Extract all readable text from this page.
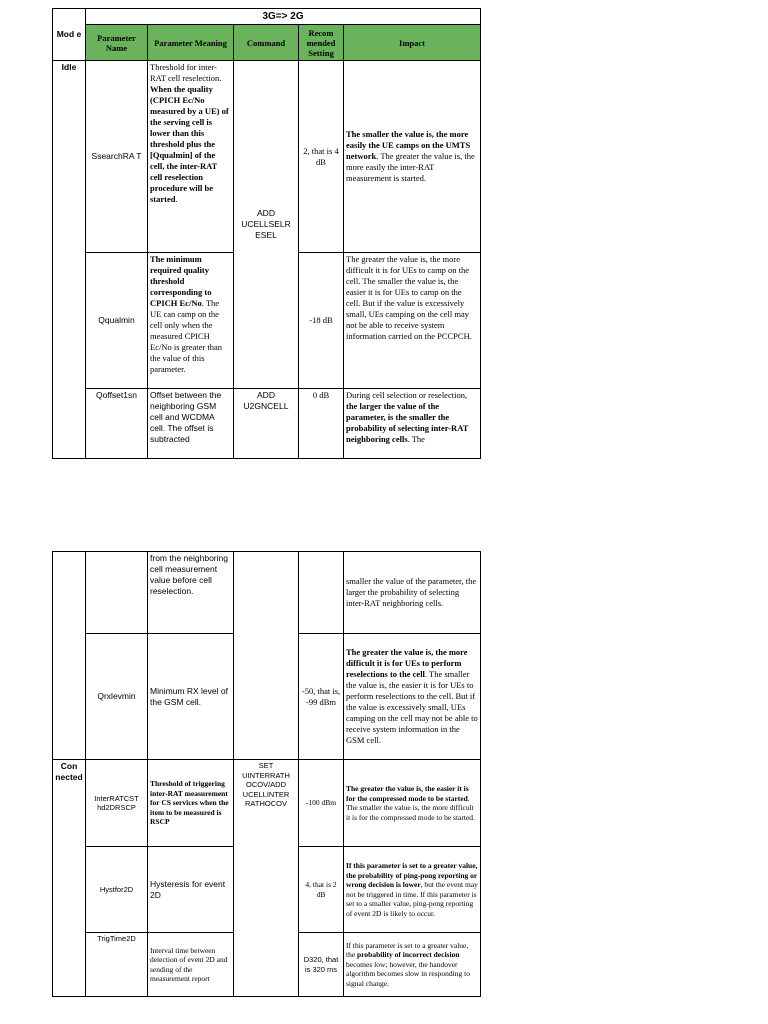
Mod e	3G=> 2G				
	Parameter Name	Parameter Meaning	Command	Recom mended Setting	Impact
Idle	SsearchRA T	Threshold for inter-RAT cell reselection. When the quality (CPICH Ec/No measured by a UE) of the serving cell is lower than this threshold plus the [Qqualmin] of the cell, the inter-RAT cell reselection procedure will be started.	ADD UCELLSELR ESEL	2, that is 4 dB	The smaller the value is, the more easily the UE camps on the UMTS network. The greater the value is, the more easily the inter-RAT measurement is started.
	Qqualmin	The minimum required quality threshold corresponding to CPICH Ec/No. The UE can camp on the cell only when the measured CPICH Ec/No is greater than the value of this parameter.		-18 dB	The greater the value is, the more difficult it is for UEs to camp on the cell. The smaller the value is, the easier it is for UEs to camp on the cell. But if the value is excessively small, UEs camping on the cell may not be able to receive system information carried on the PCCPCH.
	Qoffset1sn	Offset between the neighboring GSM cell and WCDMA cell. The offset is subtracted	ADD U2GNCELL	0 dB	During cell selection or reselection, the larger the value of the parameter, is the smaller the probability of selecting inter-RAT neighboring cells. The
		from the neighboring cell measurement value before cell reselection.			smaller the value of the parameter, the larger the probability of selecting inter-RAT neighboring cells.
	Qrxlevmin	Minimum RX level of the GSM cell.		-50, that is, -99 dBm	The greater the value is, the more difficult it is for UEs to perform reselections to the cell. The smaller the value is, the easier it is for UEs to perform reselections to the cell. But if the value is excessively small, UEs camping on the cell may not be able to receive system information in the GSM cell.
Con nected	InterRATCST hd2DRSCP	Threshold of triggering inter-RAT measurement for CS services when the item to be measured is RSCP	SET UINTERRATH OCOV/ADD UCELLINTER RATHOCOV	-100 dBm	The greater the value is, the easier it is for the compressed mode to be started. The smaller the value is, the more difficult it is for the compressed mode to be started.
	Hystfor2D	Hysteresis for event 2D		4, that is 2 dB	If this parameter is set to a greater value, the probability of ping-pong reporting or wrong decision is lower, but the event may not be triggered in time. If this parameter is set to a smaller value, ping-pong reporting of event 2D is likely to occur.
	TrigTime2D	Interval time between detection of event 2D and sending of the measurement report		D320, that is 320 ms	If this parameter is set to a greater value, the probability of incorrect decision becomes low; however, the handover algorithm becomes slow in responding to signal change.
